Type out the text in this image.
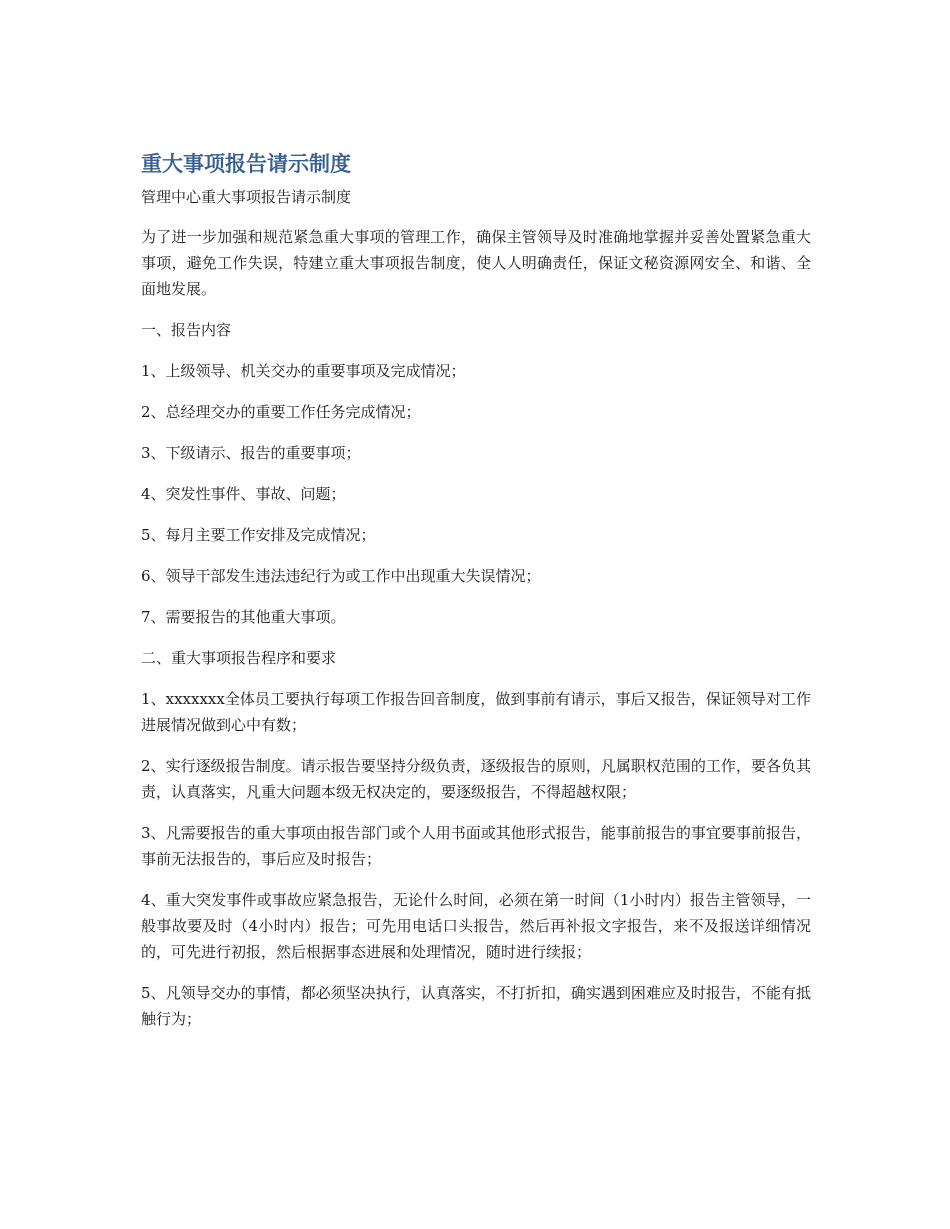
重大事项报告请示制度

管理中心重大事项报告请示制度

为了进一步加强和规范紧急重大事项的管理工作，确保主管领导及时准确地掌握并妥善处置紧急重大事项，避免工作失误，特建立重大事项报告制度，使人人明确责任，保证文秘资源网安全、和谐、全面地发展。

一、报告内容

1、上级领导、机关交办的重要事项及完成情况；

2、总经理交办的重要工作任务完成情况；

3、下级请示、报告的重要事项；

4、突发性事件、事故、问题；

5、每月主要工作安排及完成情况；

6、领导干部发生违法违纪行为或工作中出现重大失误情况；

7、需要报告的其他重大事项。

二、重大事项报告程序和要求

1、xxxxxxx全体员工要执行每项工作报告回音制度，做到事前有请示，事后又报告，保证领导对工作进展情况做到心中有数；

2、实行逐级报告制度。请示报告要坚持分级负责，逐级报告的原则，凡属职权范围的工作，要各负其责，认真落实，凡重大问题本级无权决定的，要逐级报告，不得超越权限；

3、凡需要报告的重大事项由报告部门或个人用书面或其他形式报告，能事前报告的事宜要事前报告，事前无法报告的，事后应及时报告；

4、重大突发事件或事故应紧急报告，无论什么时间，必须在第一时间（1小时内）报告主管领导，一般事故要及时（4小时内）报告；可先用电话口头报告，然后再补报文字报告，来不及报送详细情况的，可先进行初报，然后根据事态进展和处理情况，随时进行续报；

5、凡领导交办的事情，都必须坚决执行，认真落实，不打折扣，确实遇到困难应及时报告，不能有抵触行为；
